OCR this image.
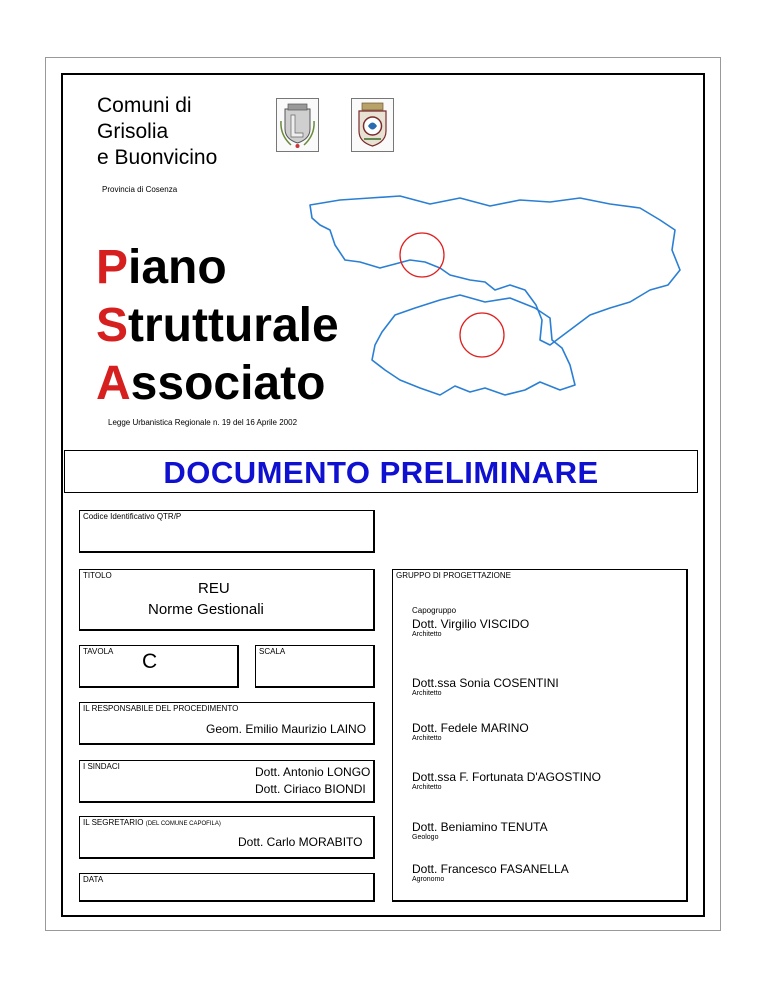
Comuni di
Grisolia
e Buonvicino
Provincia di Cosenza
Piano
Strutturale
Associato
Legge Urbanistica Regionale n. 19 del 16 Aprile 2002
DOCUMENTO PRELIMINARE
Codice Identificativo QTR/P
TITOLO
REU
Norme Gestionali
TAVOLA C	SCALA
IL RESPONSABILE DEL PROCEDIMENTO
Geom. Emilio Maurizio LAINO
I SINDACI	Dott. Antonio LONGO
Dott. Ciriaco BIONDI
IL SEGRETARIO (DEL COMUNE CAPOFILA)
Dott. Carlo MORABITO
DATA
GRUPPO DI PROGETTAZIONE
Capogruppo
Dott. Virgilio VISCIDO
Architetto
Dott.ssa Sonia COSENTINI
Architetto
Dott. Fedele MARINO
Architetto
Dott.ssa F. Fortunata D'AGOSTINO
Architetto
Dott. Beniamino TENUTA
Geologo
Dott. Francesco FASANELLA
Agronomo
